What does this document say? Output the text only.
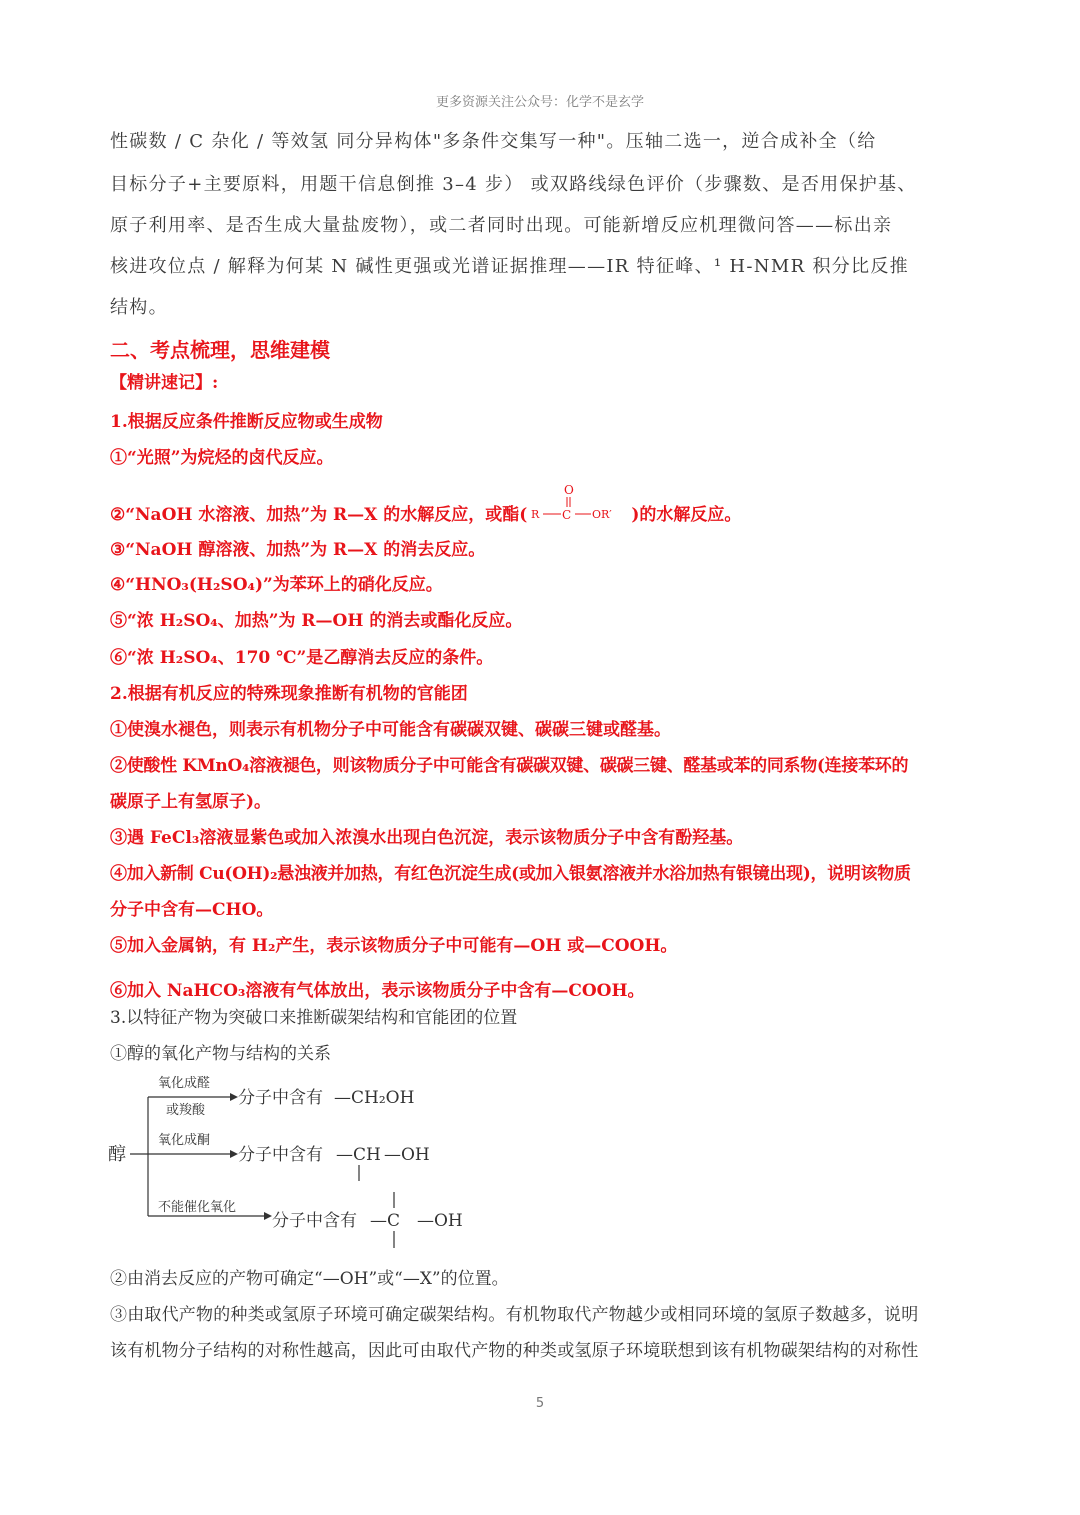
更多资源关注公众号：化学不是玄学
性碳数 / C 杂化 / 等效氢 同分异构体"多条件交集写一种"。压轴二选一，逆合成补全（给
目标分子+主要原料，用题干信息倒推 3–4 步） 或双路线绿色评价（步骤数、是否用保护基、
原子利用率、是否生成大量盐废物），或二者同时出现。可能新增反应机理微问答——标出亲
核进攻位点 / 解释为何某 N 碱性更强或光谱证据推理——IR 特征峰、¹ H-NMR 积分比反推
结构。
二、考点梳理，思维建模
【精讲速记】:
1.根据反应条件推断反应物或生成物
①“光照”为烷烃的卤代反应。
②“NaOH 水溶液、加热”为 R—X 的水解反应，或酯( R
O
C OR′ )的水解反应。
③“NaOH 醇溶液、加热”为 R—X 的消去反应。
④“HNO₃(H₂SO₄)”为苯环上的硝化反应。
⑤“浓 H₂SO₄、加热”为 R—OH 的消去或酯化反应。
⑥“浓 H₂SO₄、170 ℃”是乙醇消去反应的条件。
2.根据有机反应的特殊现象推断有机物的官能团
①使溴水褪色，则表示有机物分子中可能含有碳碳双键、碳碳三键或醛基。
②使酸性 KMnO₄溶液褪色，则该物质分子中可能含有碳碳双键、碳碳三键、醛基或苯的同系物(连接苯环的
碳原子上有氢原子)。
③遇 FeCl₃溶液显紫色或加入浓溴水出现白色沉淀，表示该物质分子中含有酚羟基。
④加入新制 Cu(OH)₂悬浊液并加热，有红色沉淀生成(或加入银氨溶液并水浴加热有银镜出现)，说明该物质
分子中含有—CHO。
⑤加入金属钠，有 H₂产生，表示该物质分子中可能有—OH 或—COOH。
⑥加入 NaHCO₃溶液有气体放出，表示该物质分子中含有—COOH。
3.以特征产物为突破口来推断碳架结构和官能团的位置
①醇的氧化产物与结构的关系
醇
氧化成醛
或羧酸
分子中含有 —CH₂OH
氧化成酮
分子中含有 —CH —OH
不能催化氧化
分子中含有 —C —OH
②由消去反应的产物可确定“—OH”或“—X”的位置。
③由取代产物的种类或氢原子环境可确定碳架结构。有机物取代产物越少或相同环境的氢原子数越多，说明
该有机物分子结构的对称性越高，因此可由取代产物的种类或氢原子环境联想到该有机物碳架结构的对称性
5
